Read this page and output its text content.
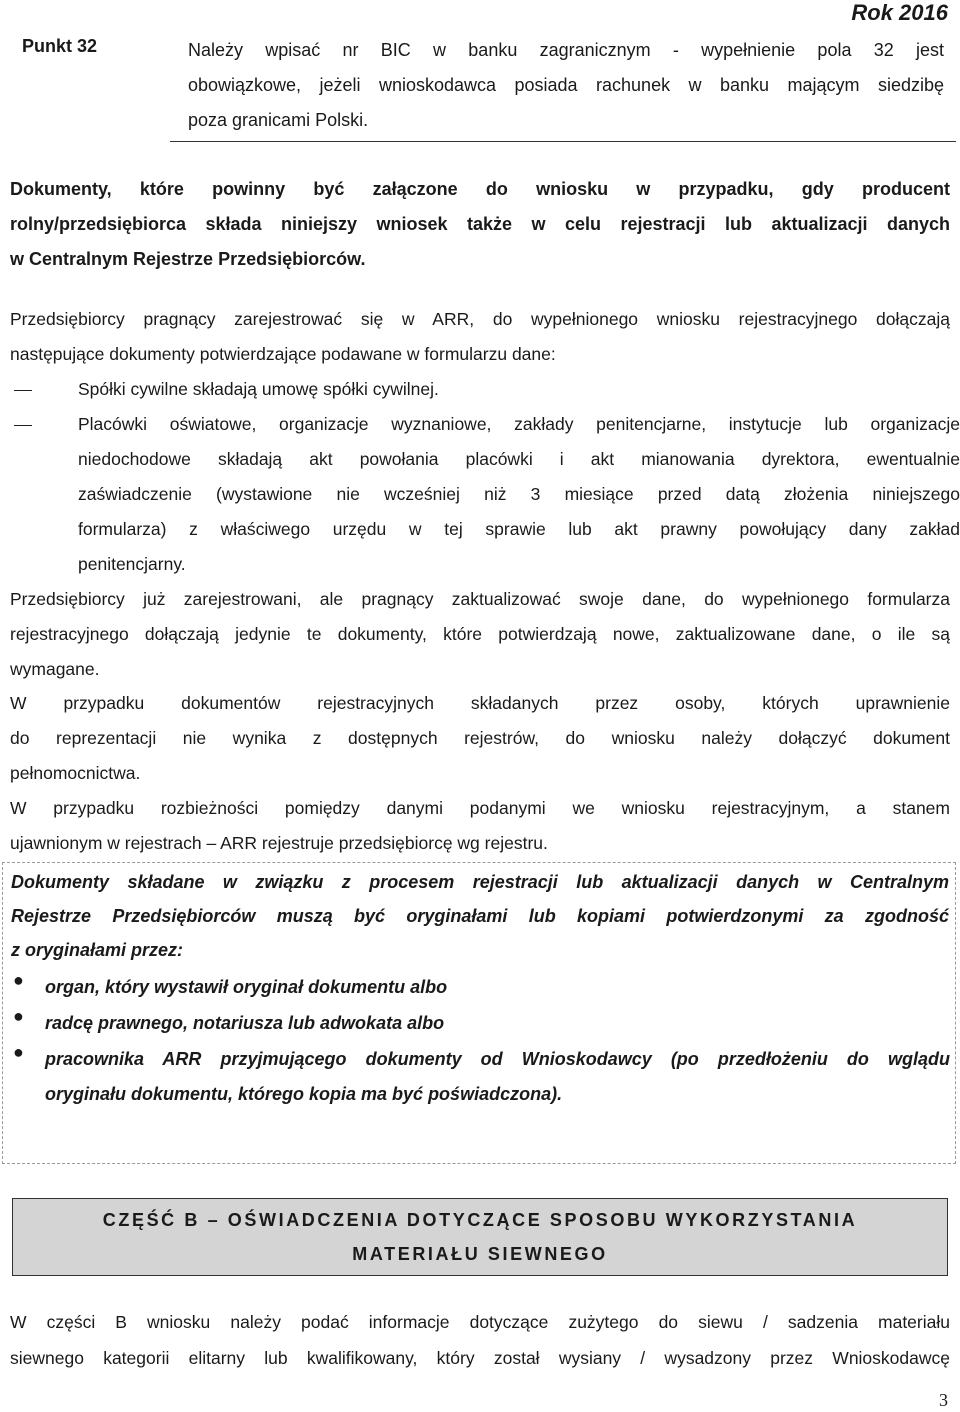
Rok 2016
Punkt 32	Należy wpisać nr BIC w banku zagranicznym - wypełnienie pola 32 jest
obowiązkowe, jeżeli wnioskodawca posiada rachunek w banku mającym siedzibę
poza granicami Polski.
Dokumenty, które powinny być załączone do wniosku w przypadku, gdy producent
rolny/przedsiębiorca składa niniejszy wniosek także w celu rejestracji lub aktualizacji danych
w Centralnym Rejestrze Przedsiębiorców.
Przedsiębiorcy pragnący zarejestrować się w ARR, do wypełnionego wniosku rejestracyjnego dołączają
następujące dokumenty potwierdzające podawane w formularzu dane:
Spółki cywilne składają umowę spółki cywilnej.
Placówki oświatowe, organizacje wyznaniowe, zakłady penitencjarne, instytucje lub organizacje
niedochodowe składają akt powołania placówki i akt mianowania dyrektora, ewentualnie
zaświadczenie (wystawione nie wcześniej niż 3 miesiące przed datą złożenia niniejszego
formularza) z właściwego urzędu w tej sprawie lub akt prawny powołujący dany zakład
penitencjarny.
Przedsiębiorcy już zarejestrowani, ale pragnący zaktualizować swoje dane, do wypełnionego formularza
rejestracyjnego dołączają jedynie te dokumenty, które potwierdzają nowe, zaktualizowane dane, o ile są
wymagane.
W przypadku dokumentów rejestracyjnych składanych przez osoby, których uprawnienie
do reprezentacji nie wynika z dostępnych rejestrów, do wniosku należy dołączyć dokument
pełnomocnictwa.
W przypadku rozbieżności pomiędzy danymi podanymi we wniosku rejestracyjnym, a stanem
ujawnionym w rejestrach – ARR rejestruje przedsiębiorcę wg rejestru.
Dokumenty składane w związku z procesem rejestracji lub aktualizacji danych w Centralnym
Rejestrze Przedsiębiorców muszą być oryginałami lub kopiami potwierdzonymi za zgodność
z oryginałami przez:
● organ, który wystawił oryginał dokumentu albo
● radcę prawnego, notariusza lub adwokata albo
● pracownika ARR przyjmującego dokumenty od Wnioskodawcy (po przedłożeniu do wglądu
oryginału dokumentu, którego kopia ma być poświadczona).
CZĘŚĆ B – OŚWIADCZENIA DOTYCZĄCE SPOSOBU WYKORZYSTANIA
MATERIAŁU SIEWNEGO
W części B wniosku należy podać informacje dotyczące zużytego do siewu / sadzenia materiału
siewnego kategorii elitarny lub kwalifikowany, który został wysiany / wysadzony przez Wnioskodawcę
3
